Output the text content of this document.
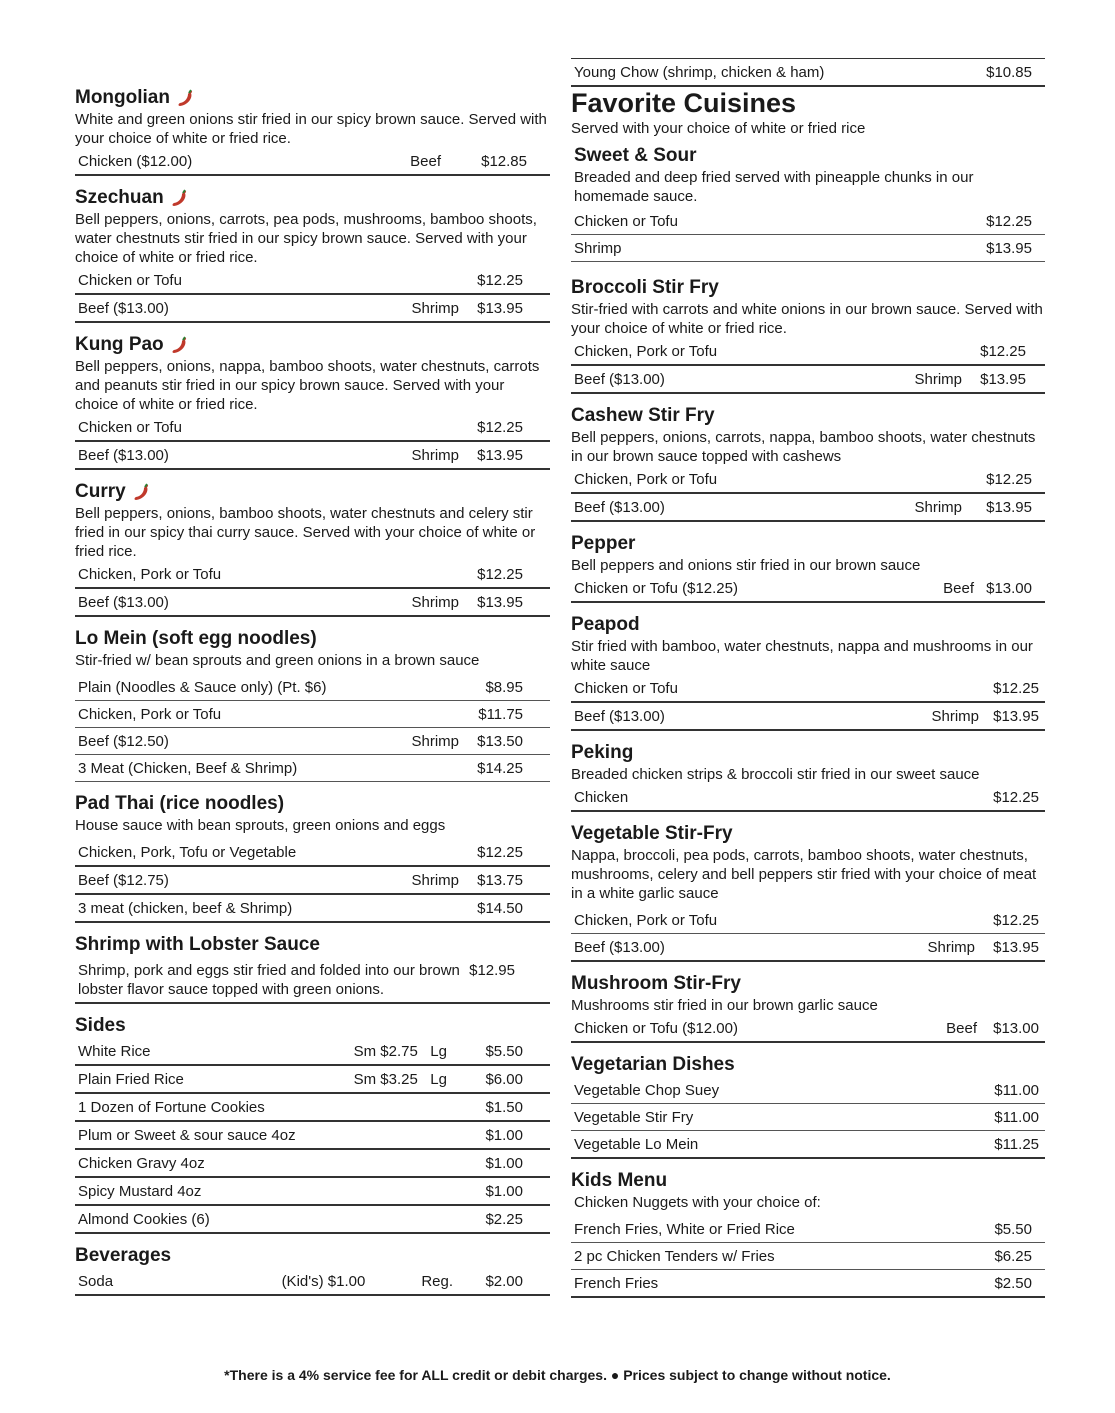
Mongolian

White and green onions stir fried in our spicy brown sauce. Served with your choice of white or fried rice.

Chicken ($12.00)	Beef	$12.85

Szechuan

Bell peppers, onions, carrots, pea pods, mushrooms, bamboo shoots, water chestnuts stir fried in our spicy brown sauce. Served with your choice of white or fried rice.

Chicken or Tofu	$12.25
Beef ($13.00)	Shrimp	$13.95

Kung Pao

Bell peppers, onions, nappa, bamboo shoots, water chestnuts, carrots and peanuts stir fried in our spicy brown sauce. Served with your choice of white or fried rice.

Chicken or Tofu	$12.25
Beef ($13.00)	Shrimp	$13.95

Curry

Bell peppers, onions, bamboo shoots, water chestnuts and celery stir fried in our spicy thai curry sauce. Served with your choice of white or fried rice.

Chicken, Pork or Tofu	$12.25
Beef ($13.00)	Shrimp	$13.95

Lo Mein (soft egg noodles)

Stir-fried w/ bean sprouts and green onions in a brown sauce

Plain (Noodles & Sauce only) (Pt. $6)	$8.95
Chicken, Pork or Tofu	$11.75
Beef ($12.50)	Shrimp	$13.50
3 Meat (Chicken, Beef & Shrimp)	$14.25

Pad Thai (rice noodles)

House sauce with bean sprouts, green onions and eggs

Chicken, Pork, Tofu or Vegetable	$12.25
Beef ($12.75)	Shrimp	$13.75
3 meat (chicken, beef & Shrimp)	$14.50

Shrimp with Lobster Sauce

Shrimp, pork and eggs stir fried and folded into our brown lobster flavor sauce topped with green onions.
$12.95

Sides

White Rice	Sm $2.75   Lg	$5.50
Plain Fried Rice	Sm $3.25   Lg	$6.00
1 Dozen of Fortune Cookies	$1.50
Plum or Sweet & sour sauce 4oz	$1.00
Chicken Gravy 4oz	$1.00
Spicy Mustard 4oz	$1.00
Almond Cookies (6)	$2.25

Beverages

Soda	(Kid's) $1.00	Reg.	$2.00
Young Chow (shrimp, chicken & ham)	$10.85

Favorite Cuisines

Served with your choice of white or fried rice

Sweet & Sour

Breaded and deep fried served with pineapple chunks in our homemade sauce.

Chicken or Tofu	$12.25
Shrimp	$13.95

Broccoli Stir Fry

Stir-fried with carrots and white onions in our brown sauce. Served with your choice of white or fried rice.

Chicken, Pork or Tofu	$12.25
Beef ($13.00)	Shrimp	$13.95

Cashew Stir Fry

Bell peppers, onions, carrots, nappa, bamboo shoots, water chestnuts in our brown sauce topped with cashews

Chicken, Pork or Tofu	$12.25
Beef ($13.00)	Shrimp	$13.95

Pepper

Bell peppers and onions stir fried in our brown sauce

Chicken or Tofu ($12.25)	Beef $13.00

Peapod

Stir fried with bamboo, water chestnuts, nappa and mushrooms in our white sauce

Chicken or Tofu	$12.25
Beef ($13.00)	Shrimp $13.95

Peking

Breaded chicken strips & broccoli stir fried in our sweet sauce

Chicken	$12.25

Vegetable Stir-Fry

Nappa, broccoli, pea pods, carrots, bamboo shoots, water chestnuts, mushrooms, celery and bell peppers stir fried with your choice of meat in a white garlic sauce

Chicken, Pork or Tofu	$12.25
Beef ($13.00)	Shrimp	$13.95

Mushroom Stir-Fry

Mushrooms stir fried in our brown garlic sauce

Chicken or Tofu ($12.00)	Beef	$13.00

Vegetarian Dishes

Vegetable Chop Suey	$11.00
Vegetable Stir Fry	$11.00
Vegetable Lo Mein	$11.25

Kids Menu

Chicken Nuggets with your choice of:

French Fries, White or Fried Rice	$5.50
2 pc Chicken Tenders w/ Fries	$6.25
French Fries	$2.50
*There is a 4% service fee for ALL credit or debit charges. ● Prices subject to change without notice.
